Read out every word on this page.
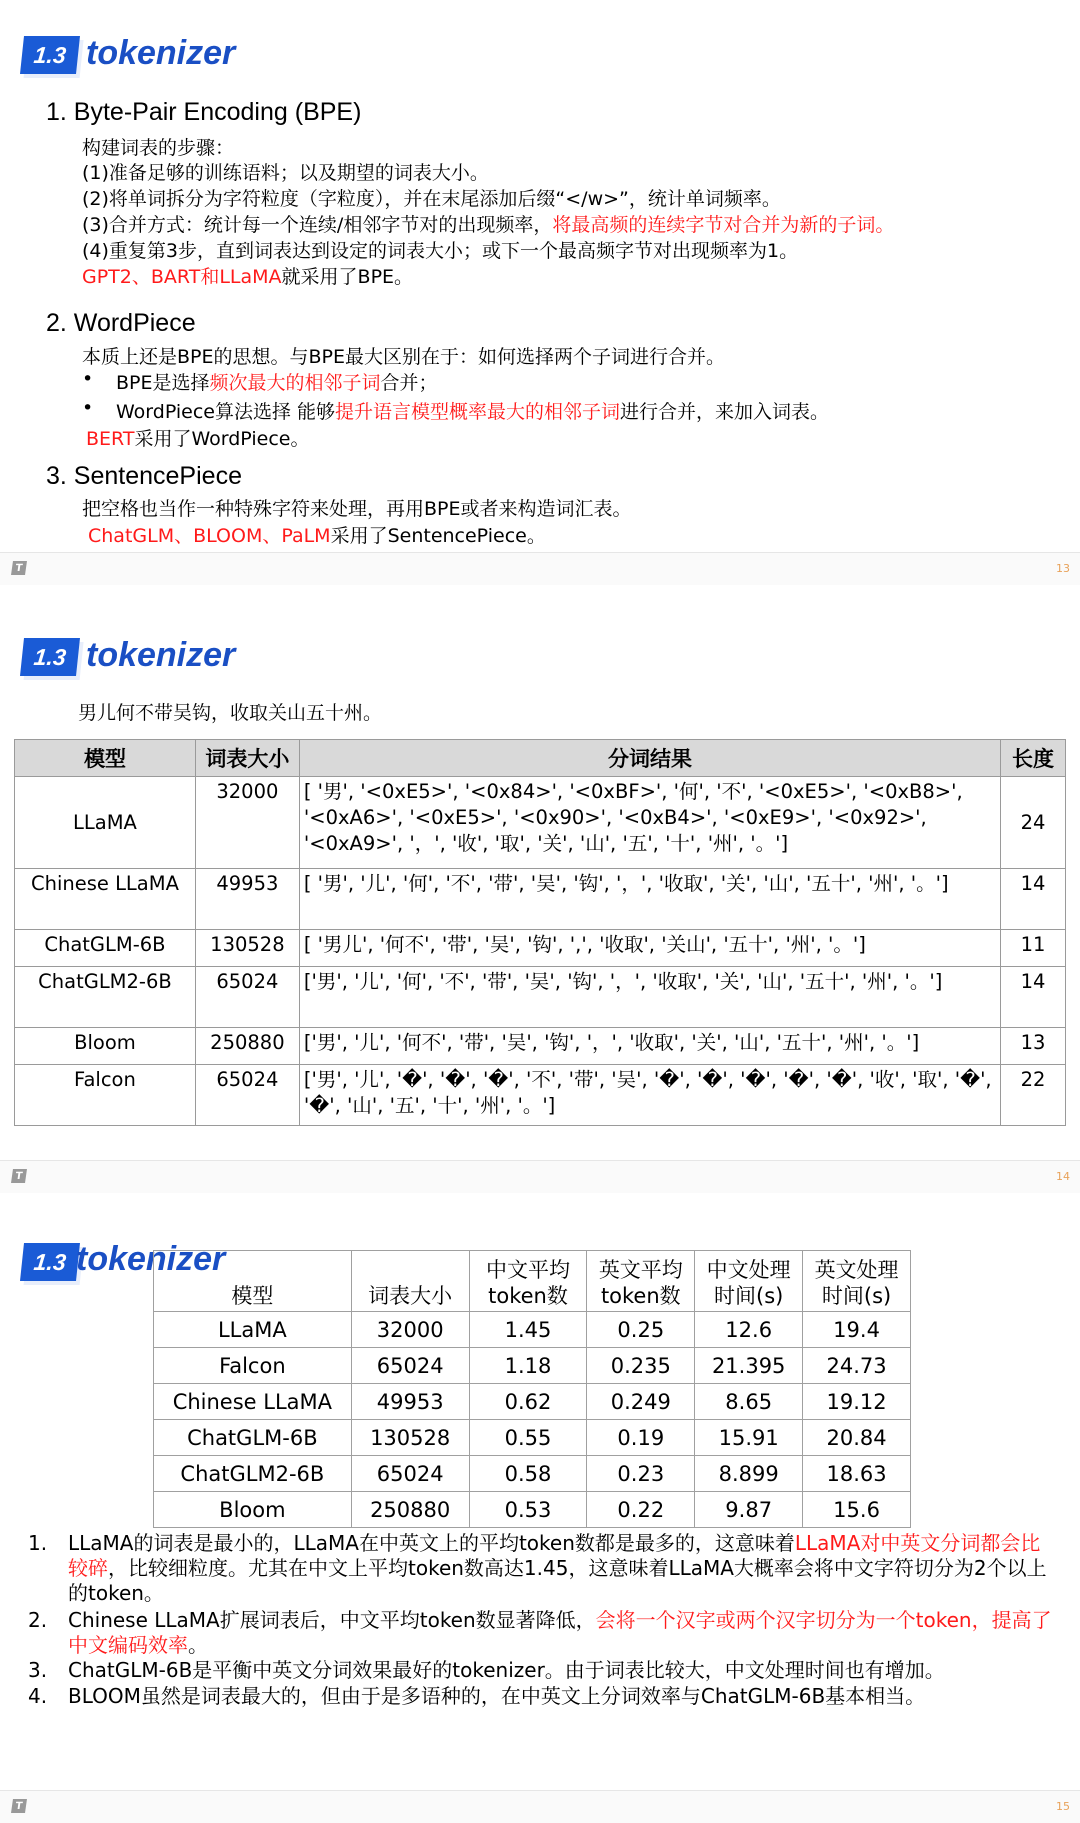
1.3 tokenizer
1. Byte-Pair Encoding (BPE)
构建词表的步骤：
(1)准备足够的训练语料；以及期望的词表大小。
(2)将单词拆分为字符粒度（字粒度），并在末尾添加后缀“</w>”，统计单词频率。
(3)合并方式：统计每一个连续/相邻字节对的出现频率，将最高频的连续字节对合并为新的子词。
(4)重复第3步，直到词表达到设定的词表大小；或下一个最高频字节对出现频率为1。
GPT2、BART和LLaMA就采用了BPE。
2. WordPiece
本质上还是BPE的思想。与BPE最大区别在于：如何选择两个子词进行合并。
• BPE是选择频次最大的相邻子词合并；
• WordPiece算法选择 能够提升语言模型概率最大的相邻子词进行合并，来加入词表。
BERT采用了WordPiece。
3. SentencePiece
把空格也当作一种特殊字符来处理，再用BPE或者来构造词汇表。
ChatGLM、BLOOM、PaLM采用了SentencePiece。
T	13
1.3 tokenizer
男儿何不带吴钩，收取关山五十州。
模型	词表大小	分词结果	长度
LLaMA	32000	[ '男', '<0xE5>', '<0x84>', '<0xBF>', '何', '不', '<0xE5>', '<0xB8>', '<0xA6>', '<0xE5>', '<0x90>', '<0xB4>', '<0xE9>', '<0x92>', '<0xA9>', '，', '收', '取', '关', '山', '五', '十', '州', '。']	24
Chinese LLaMA	49953	[ '男', '儿', '何', '不', '带', '吴', '钩', '，', '收取', '关', '山', '五十', '州', '。']	14
ChatGLM-6B	130528	[ '男儿', '何不', '带', '吴', '钩', ',', '收取', '关山', '五十', '州', '。']	11
ChatGLM2-6B	65024	['男', '儿', '何', '不', '带', '吴', '钩', '，', '收取', '关', '山', '五十', '州', '。']	14
Bloom	250880	['男', '儿', '何不', '带', '吴', '钩', '，', '收取', '关', '山', '五十', '州', '。']	13
Falcon	65024	['男', '儿', '�', '�', '�', '不', '带', '吴', '�', '�', '�', '�', '�', '收', '取', '�', '�', '山', '五', '十', '州', '。']	22
T	14
1.3 tokenizer
模型	词表大小	中文平均 token数	英文平均 token数	中文处理 时间(s)	英文处理 时间(s)
LLaMA	32000	1.45	0.25	12.6	19.4
Falcon	65024	1.18	0.235	21.395	24.73
Chinese LLaMA	49953	0.62	0.249	8.65	19.12
ChatGLM-6B	130528	0.55	0.19	15.91	20.84
ChatGLM2-6B	65024	0.58	0.23	8.899	18.63
Bloom	250880	0.53	0.22	9.87	15.6
1. LLaMA的词表是最小的，LLaMA在中英文上的平均token数都是最多的，这意味着LLaMA对中英文分词都会比较碎，比较细粒度。尤其在中文上平均token数高达1.45，这意味着LLaMA大概率会将中文字符切分为2个以上的token。
2. Chinese LLaMA扩展词表后，中文平均token数显著降低，会将一个汉字或两个汉字切分为一个token，提高了中文编码效率。
3. ChatGLM-6B是平衡中英文分词效果最好的tokenizer。由于词表比较大，中文处理时间也有增加。
4. BLOOM虽然是词表最大的，但由于是多语种的，在中英文上分词效率与ChatGLM-6B基本相当。
T	15
